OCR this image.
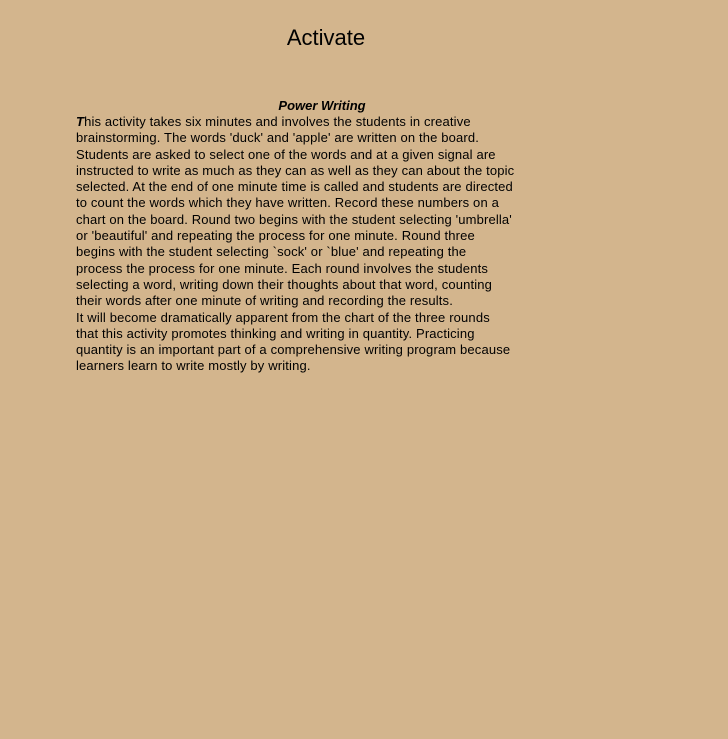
Activate
Power Writing

This activity takes six minutes and involves the students in creative
brainstorming. The words 'duck' and 'apple' are written on the board.
Students are asked to select one of the words and at a given signal are
instructed to write as much as they can as well as they can about the topic
selected. At the end of one minute time is called and students are directed
to count the words which they have written. Record these numbers on a
chart on the board. Round two begins with the student selecting 'umbrella'
or 'beautiful' and repeating the process for one minute. Round three
begins with the student selecting `sock' or `blue' and repeating the
process the process for one minute. Each round involves the students
selecting a word, writing down their thoughts about that word, counting
their words after one minute of writing and recording the results.
It will become dramatically apparent from the chart of the three rounds
that this activity promotes thinking and writing in quantity. Practicing
quantity is an important part of a comprehensive writing program because
learners learn to write mostly by writing.
